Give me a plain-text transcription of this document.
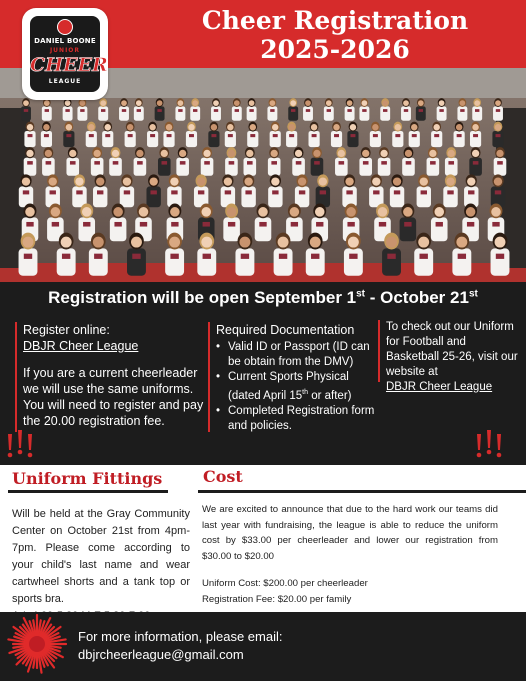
DANIEL BOONE
JUNIOR
CHEER
LEAGUE
Cheer Registration
2025-2026
Registration will be open September 1st - October 21st

Register online:
DBJR Cheer League

If you are a current cheerleader we will use the same uniforms. You will need to register and pay the 20.00 registration fee.

Required Documentation
• Valid ID or Passport (ID can be obtain from the DMV)
• Current Sports Physical (dated April 15th or after)
• Completed Registration form and policies.
To check out our Uniform for Football and Basketball 25-26, visit our website at
DBJR Cheer League
Uniform Fittings
Will be held at the Gray Community Center on October 21st from 4pm-7pm. Please come according to your child's last name and wear cartwheel shorts and a tank top or sports bra.

Cost
We are excited to announce that due to the hard work our teams did last year with fundraising, the league is able to reduce the uniform cost by $33.00 per cheerleader and lower our registration from $30.00 to $20.00
Uniform Cost: $200.00 per cheerleader
Registration Fee: $20.00 per family
For more information, please email:
dbjrcheerleague@gmail.com
